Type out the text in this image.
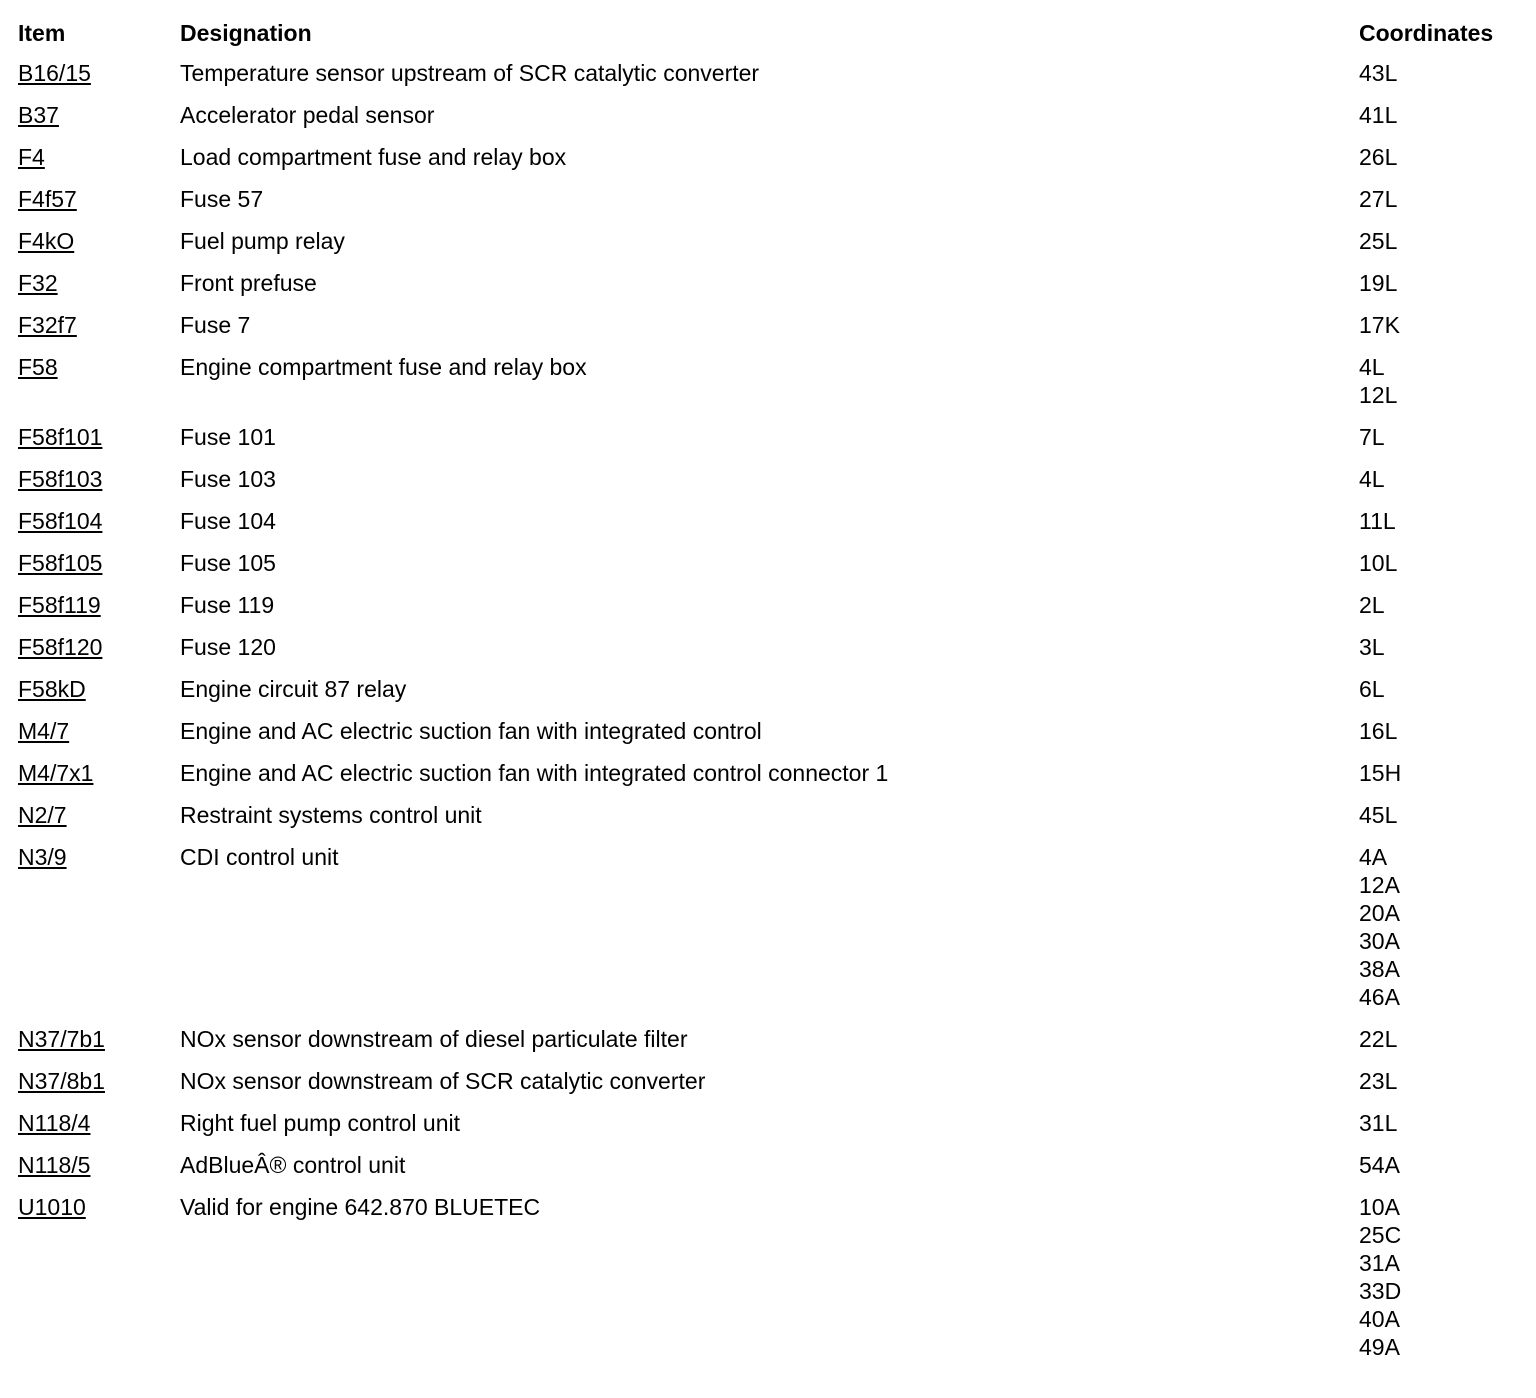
Item	Designation	Coordinates
B16/15	Temperature sensor upstream of SCR catalytic converter	43L
B37	Accelerator pedal sensor	41L
F4	Load compartment fuse and relay box	26L
F4f57	Fuse 57	27L
F4kO	Fuel pump relay	25L
F32	Front prefuse	19L
F32f7	Fuse 7	17K
F58	Engine compartment fuse and relay box	4L
12L
F58f101	Fuse 101	7L
F58f103	Fuse 103	4L
F58f104	Fuse 104	11L
F58f105	Fuse 105	10L
F58f119	Fuse 119	2L
F58f120	Fuse 120	3L
F58kD	Engine circuit 87 relay	6L
M4/7	Engine and AC electric suction fan with integrated control	16L
M4/7x1	Engine and AC electric suction fan with integrated control connector 1	15H
N2/7	Restraint systems control unit	45L
N3/9	CDI control unit	4A
12A
20A
30A
38A
46A
N37/7b1	NOx sensor downstream of diesel particulate filter	22L
N37/8b1	NOx sensor downstream of SCR catalytic converter	23L
N118/4	Right fuel pump control unit	31L
N118/5	AdBlueÂ® control unit	54A
U1010	Valid for engine 642.870 BLUETEC	10A
25C
31A
33D
40A
49A
